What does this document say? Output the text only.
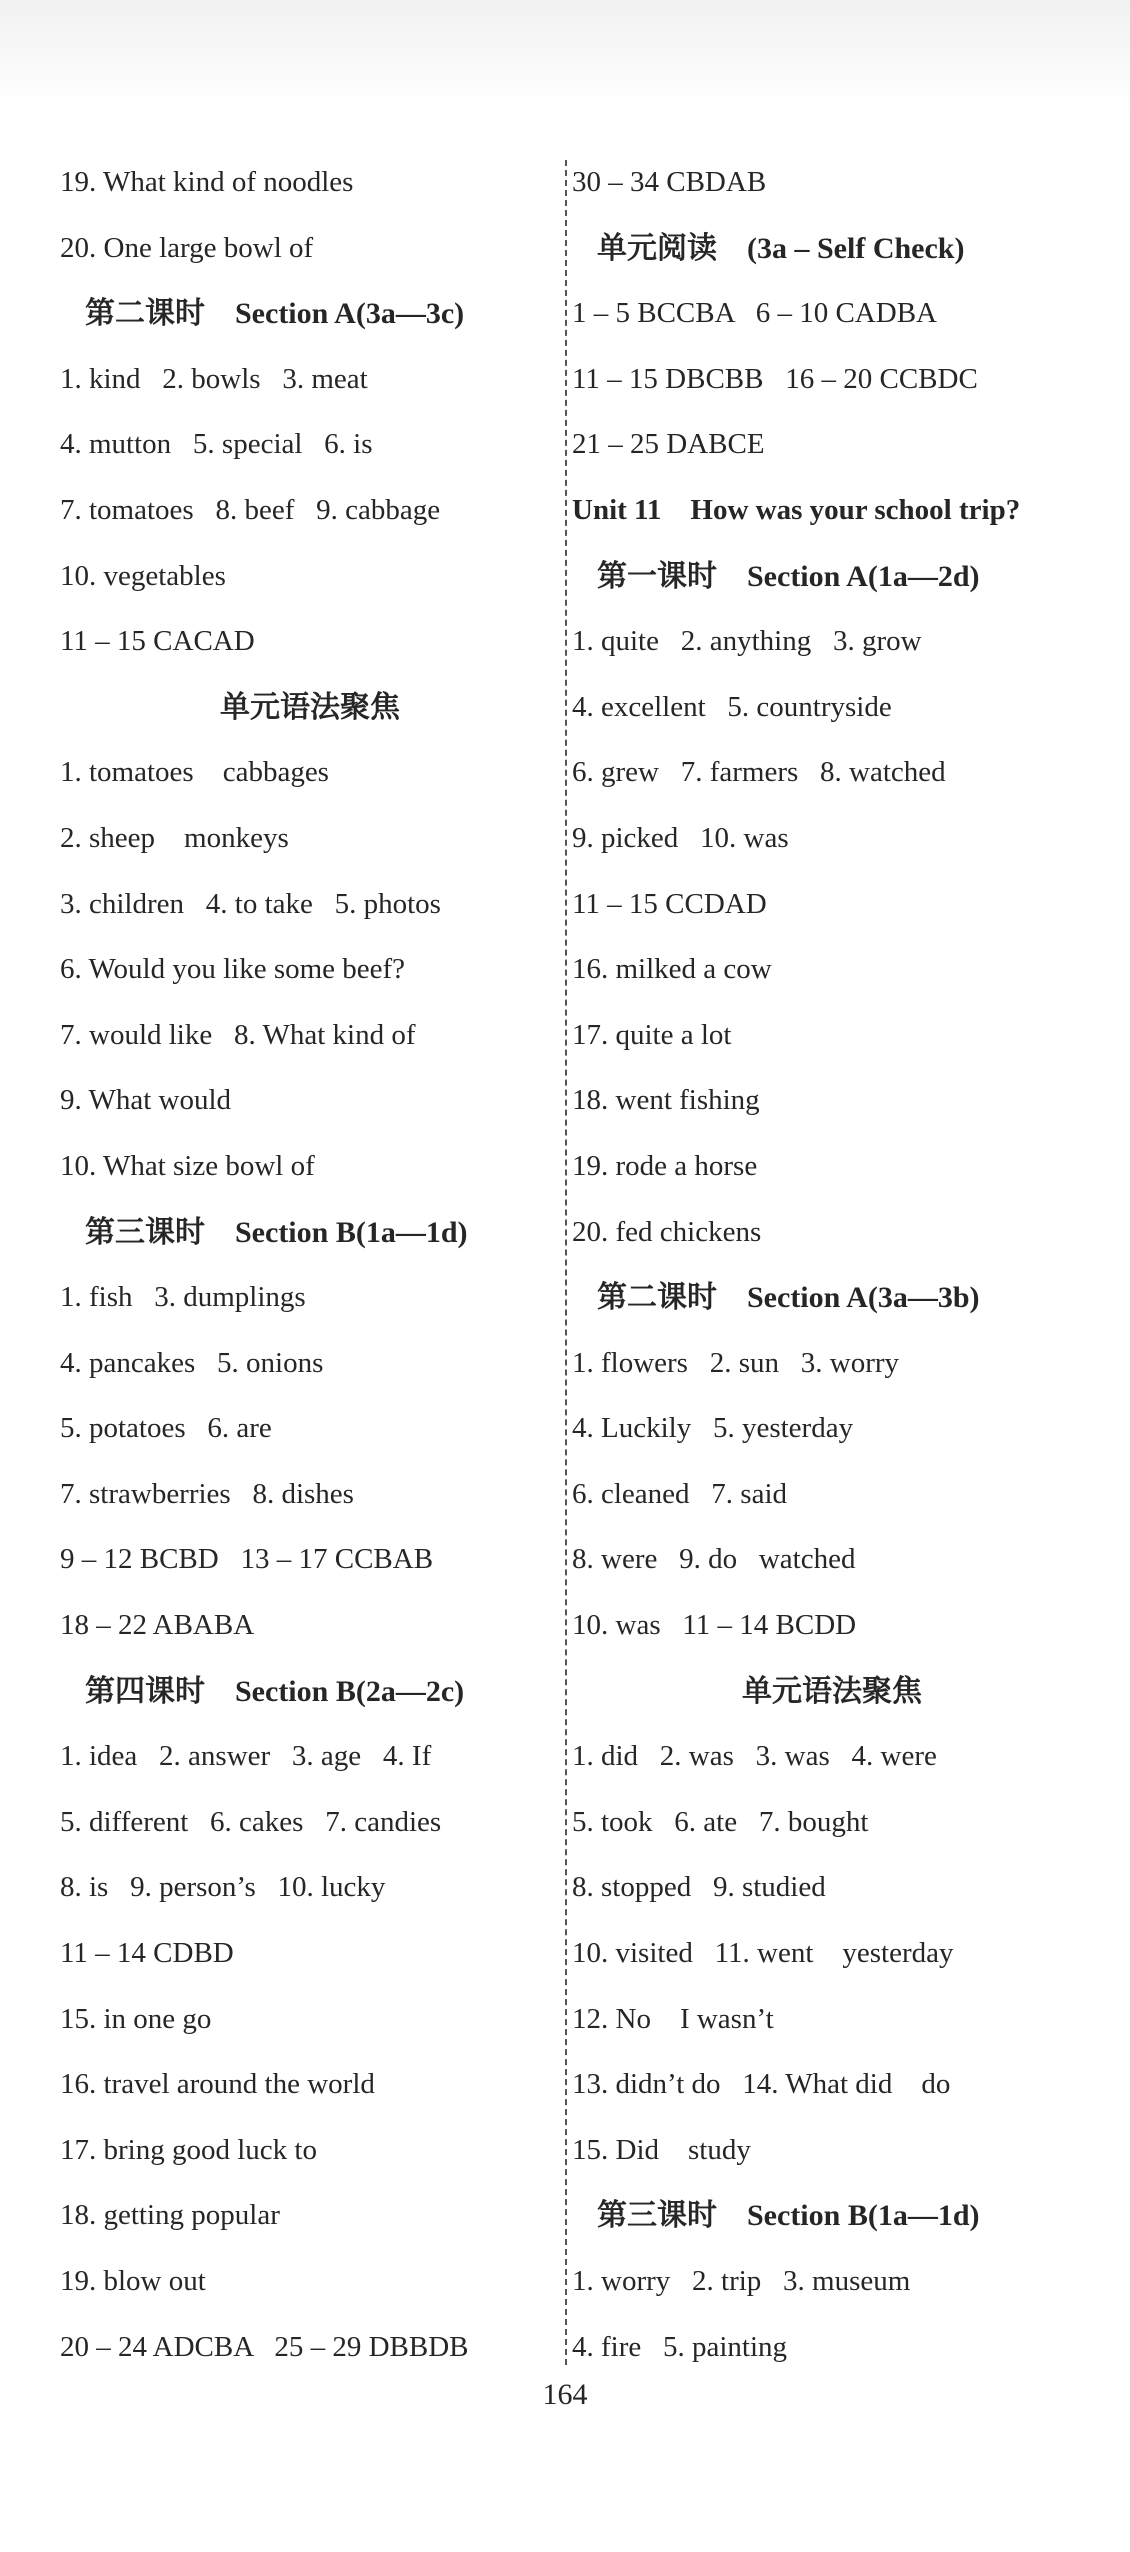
19. What kind of noodles
20. One large bowl of
第二课时　Section A(3a—3c)
1. kind   2. bowls   3. meat
4. mutton   5. special   6. is
7. tomatoes   8. beef   9. cabbage
10. vegetables
11 – 15 CACAD
单元语法聚焦
1. tomatoes    cabbages
2. sheep    monkeys
3. children   4. to take   5. photos
6. Would you like some beef?
7. would like   8. What kind of
9. What would
10. What size bowl of
第三课时　Section B(1a—1d)
1. fish   3. dumplings
4. pancakes   5. onions
5. potatoes   6. are
7. strawberries   8. dishes
9 – 12 BCBD   13 – 17 CCBAB
18 – 22 ABABA
第四课时　Section B(2a—2c)
1. idea   2. answer   3. age   4. If
5. different   6. cakes   7. candies
8. is   9. person’s   10. lucky
11 – 14 CDBD
15. in one go
16. travel around the world
17. bring good luck to
18. getting popular
19. blow out
20 – 24 ADCBA   25 – 29 DBBDB
30 – 34 CBDAB
单元阅读　(3a – Self Check)
1 – 5 BCCBA   6 – 10 CADBA
11 – 15 DBCBB   16 – 20 CCBDC
21 – 25 DABCE
Unit 11    How was your school trip?
第一课时　Section A(1a—2d)
1. quite   2. anything   3. grow
4. excellent   5. countryside
6. grew   7. farmers   8. watched
9. picked   10. was
11 – 15 CCDAD
16. milked a cow
17. quite a lot
18. went fishing
19. rode a horse
20. fed chickens
第二课时　Section A(3a—3b)
1. flowers   2. sun   3. worry
4. Luckily   5. yesterday
6. cleaned   7. said
8. were   9. do   watched
10. was   11 – 14 BCDD
单元语法聚焦
1. did   2. was   3. was   4. were
5. took   6. ate   7. bought
8. stopped   9. studied
10. visited   11. went    yesterday
12. No    I wasn’t
13. didn’t do   14. What did    do
15. Did    study
第三课时　Section B(1a—1d)
1. worry   2. trip   3. museum
4. fire   5. painting
164
